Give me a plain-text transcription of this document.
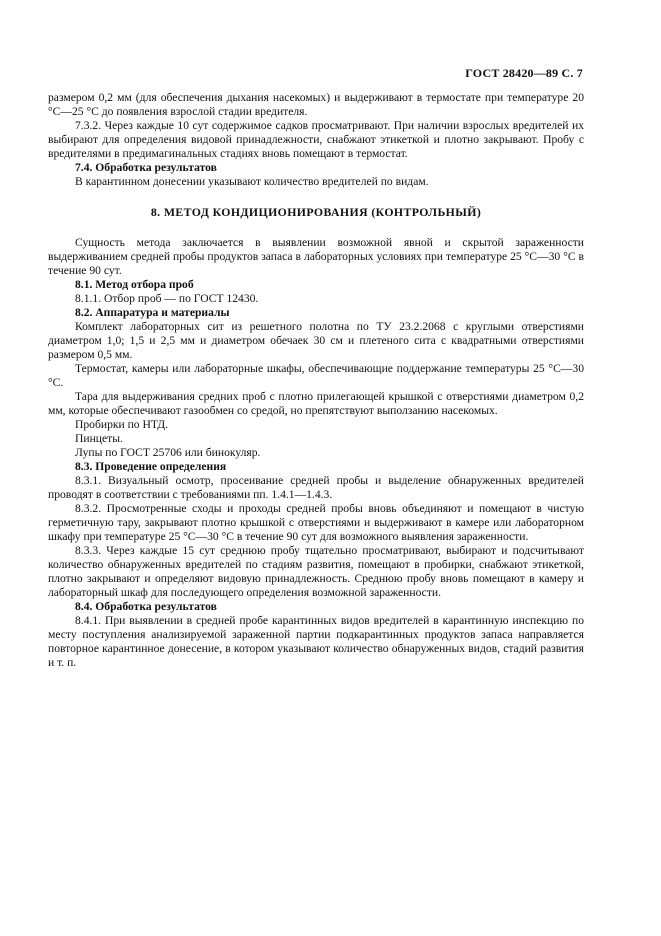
ГОСТ 28420—89 С. 7

размером 0,2 мм (для обеспечения дыхания насекомых) и выдерживают в термостате при температуре 20 °С—25 °С до появления взрослой стадии вредителя.

7.3.2. Через каждые 10 сут содержимое садков просматривают. При наличии взрослых вредителей их выбирают для определения видовой принадлежности, снабжают этикеткой и плотно закрывают. Пробу с вредителями в предимагинальных стадиях вновь помещают в термостат.

7.4. Обработка результатов

В карантинном донесении указывают количество вредителей по видам.

8. МЕТОД КОНДИЦИОНИРОВАНИЯ (КОНТРОЛЬНЫЙ)

Сущность метода заключается в выявлении возможной явной и скрытой зараженности выдерживанием средней пробы продуктов запаса в лабораторных условиях при температуре 25 °С—30 °С в течение 90 сут.

8.1. Метод отбора проб

8.1.1. Отбор проб — по ГОСТ 12430.

8.2. Аппаратура и материалы

Комплект лабораторных сит из решетного полотна по ТУ 23.2.2068 с круглыми отверстиями диаметром 1,0; 1,5 и 2,5 мм и диаметром обечаек 30 см и плетеного сита с квадратными отверстиями размером 0,5 мм.

Термостат, камеры или лабораторные шкафы, обеспечивающие поддержание температуры 25 °С—30 °С.

Тара для выдерживания средних проб с плотно прилегающей крышкой с отверстиями диаметром 0,2 мм, которые обеспечивают газообмен со средой, но препятствуют выползанию насекомых.

Пробирки по НТД.

Пинцеты.

Лупы по ГОСТ 25706 или бинокуляр.

8.3. Проведение определения

8.3.1. Визуальный осмотр, просеивание средней пробы и выделение обнаруженных вредителей проводят в соответствии с требованиями пп. 1.4.1—1.4.3.

8.3.2. Просмотренные сходы и проходы средней пробы вновь объединяют и помещают в чистую герметичную тару, закрывают плотно крышкой с отверстиями и выдерживают в камере или лабораторном шкафу при температуре 25 °С—30 °С в течение 90 сут для возможного выявления зараженности.

8.3.3. Через каждые 15 сут среднюю пробу тщательно просматривают, выбирают и подсчитывают количество обнаруженных вредителей по стадиям развития, помещают в пробирки, снабжают этикеткой, плотно закрывают и определяют видовую принадлежность. Среднюю пробу вновь помещают в камеру и лабораторный шкаф для последующего определения возможной зараженности.

8.4. Обработка результатов

8.4.1. При выявлении в средней пробе карантинных видов вредителей в карантинную инспекцию по месту поступления анализируемой зараженной партии подкарантинных продуктов запаса направляется повторное карантинное донесение, в котором указывают количество обнаруженных видов, стадий развития и т. п.
